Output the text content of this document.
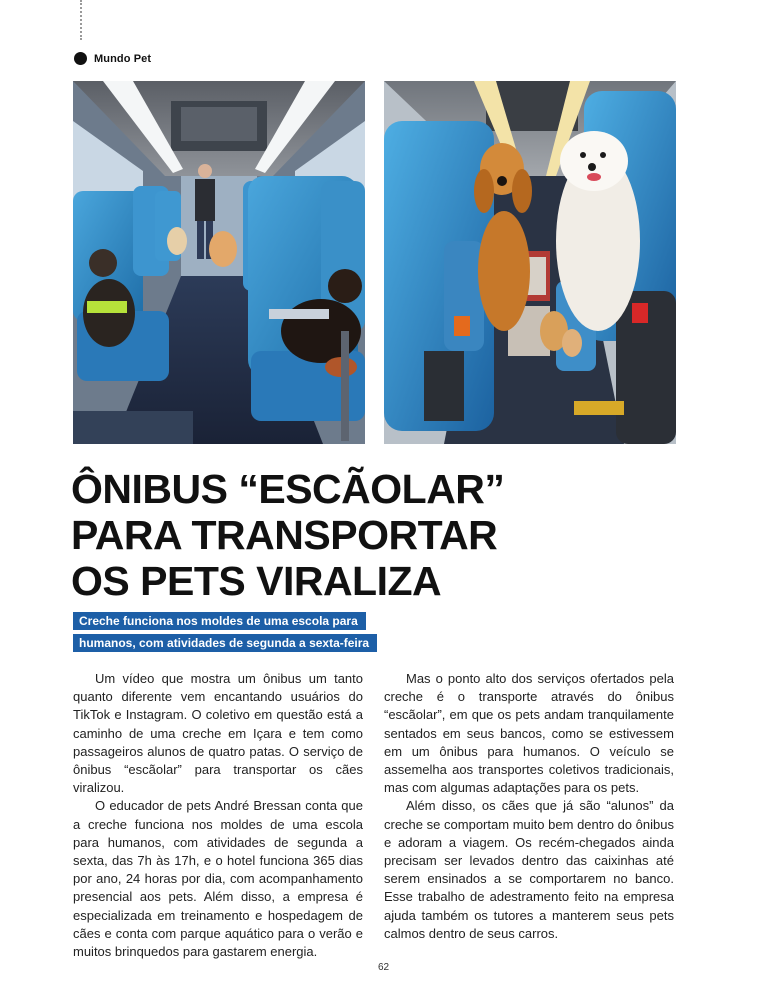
Mundo Pet
ÔNIBUS “ESCÃOLAR”
PARA TRANSPORTAR
OS PETS VIRALIZA
Creche funciona nos moldes de uma escola para
humanos, com atividades de segunda a sexta-feira

Um vídeo que mostra um ônibus um tanto quanto diferente vem encantando usuários do TikTok e Instagram. O coletivo em questão está a caminho de uma creche em Içara e tem como passageiros alunos de quatro patas. O serviço de ônibus “escãolar” para transportar os cães viralizou.

O educador de pets André Bressan conta que a creche funciona nos moldes de uma escola para humanos, com atividades de segunda a sexta, das 7h às 17h, e o hotel funciona 365 dias por ano, 24 horas por dia, com acompanhamento presencial aos pets. Além disso, a empresa é especializada em treinamento e hospedagem de cães e conta com parque aquático para o verão e muitos brinquedos para gastarem energia.

Mas o ponto alto dos serviços ofertados pela creche é o transporte através do ônibus “escãolar”, em que os pets andam tranquilamente sentados em seus bancos, como se estivessem em um ônibus para humanos. O veículo se assemelha aos transportes coletivos tradicionais, mas com algumas adaptações para os pets.

Além disso, os cães que já são “alunos” da creche se comportam muito bem dentro do ônibus e adoram a viagem. Os recém-chegados ainda precisam ser levados dentro das caixinhas até serem ensinados a se comportarem no banco. Esse trabalho de adestramento feito na empresa ajuda também os tutores a manterem seus pets calmos dentro de seus carros.

62
